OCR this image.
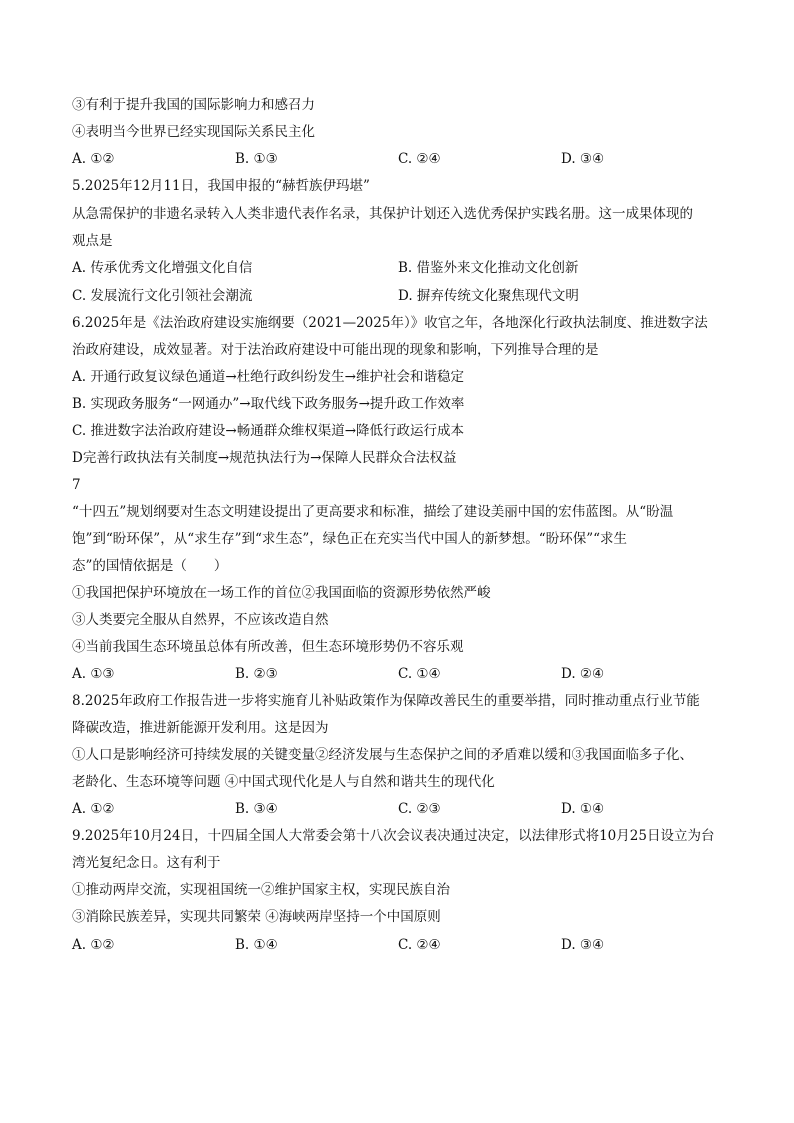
③有利于提升我国的国际影响力和感召力
④表明当今世界已经实现国际关系民主化
A. ①②	B. ①③	C. ②④	D. ③④
5.2025年12月11日，我国申报的“赫哲族伊玛堪”
从急需保护的非遗名录转入人类非遗代表作名录，其保护计划还入选优秀保护实践名册。这一成果体现的
观点是
A. 传承优秀文化增强文化自信	B. 借鉴外来文化推动文化创新
C. 发展流行文化引领社会潮流	D. 摒弃传统文化聚焦现代文明
6.2025年是《法治政府建设实施纲要（2021—2025年）》收官之年，各地深化行政执法制度、推进数字法
治政府建设，成效显著。对于法治政府建设中可能出现的现象和影响，下列推导合理的是
A. 开通行政复议绿色通道→杜绝行政纠纷发生→维护社会和谐稳定
B. 实现政务服务“一网通办”→取代线下政务服务→提升政工作效率
C. 推进数字法治政府建设→畅通群众维权渠道→降低行政运行成本
D完善行政执法有关制度→规范执法行为→保障人民群众合法权益
7
“十四五”规划纲要对生态文明建设提出了更高要求和标准，描绘了建设美丽中国的宏伟蓝图。从“盼温
饱”到“盼环保”，从“求生存”到“求生态”，绿色正在充实当代中国人的新梦想。“盼环保”“求生
态”的国情依据是（　　）
①我国把保护环境放在一场工作的首位②我国面临的资源形势依然严峻
③人类要完全服从自然界，不应该改造自然
④当前我国生态环境虽总体有所改善，但生态环境形势仍不容乐观
A. ①③	B. ②③	C. ①④	D. ②④
8.2025年政府工作报告进一步将实施育儿补贴政策作为保障改善民生的重要举措，同时推动重点行业节能
降碳改造，推进新能源开发利用。这是因为
①人口是影响经济可持续发展的关键变量②经济发展与生态保护之间的矛盾难以缓和③我国面临多子化、
老龄化、生态环境等问题 ④中国式现代化是人与自然和谐共生的现代化
A. ①②	B. ③④	C. ②③	D. ①④
9.2025年10月24日，十四届全国人大常委会第十八次会议表决通过决定，以法律形式将10月25日设立为台
湾光复纪念日。这有利于
①推动两岸交流，实现祖国统一②维护国家主权，实现民族自治
③消除民族差异，实现共同繁荣 ④海峡两岸坚持一个中国原则
A. ①②	B. ①④	C. ②④	D. ③④
